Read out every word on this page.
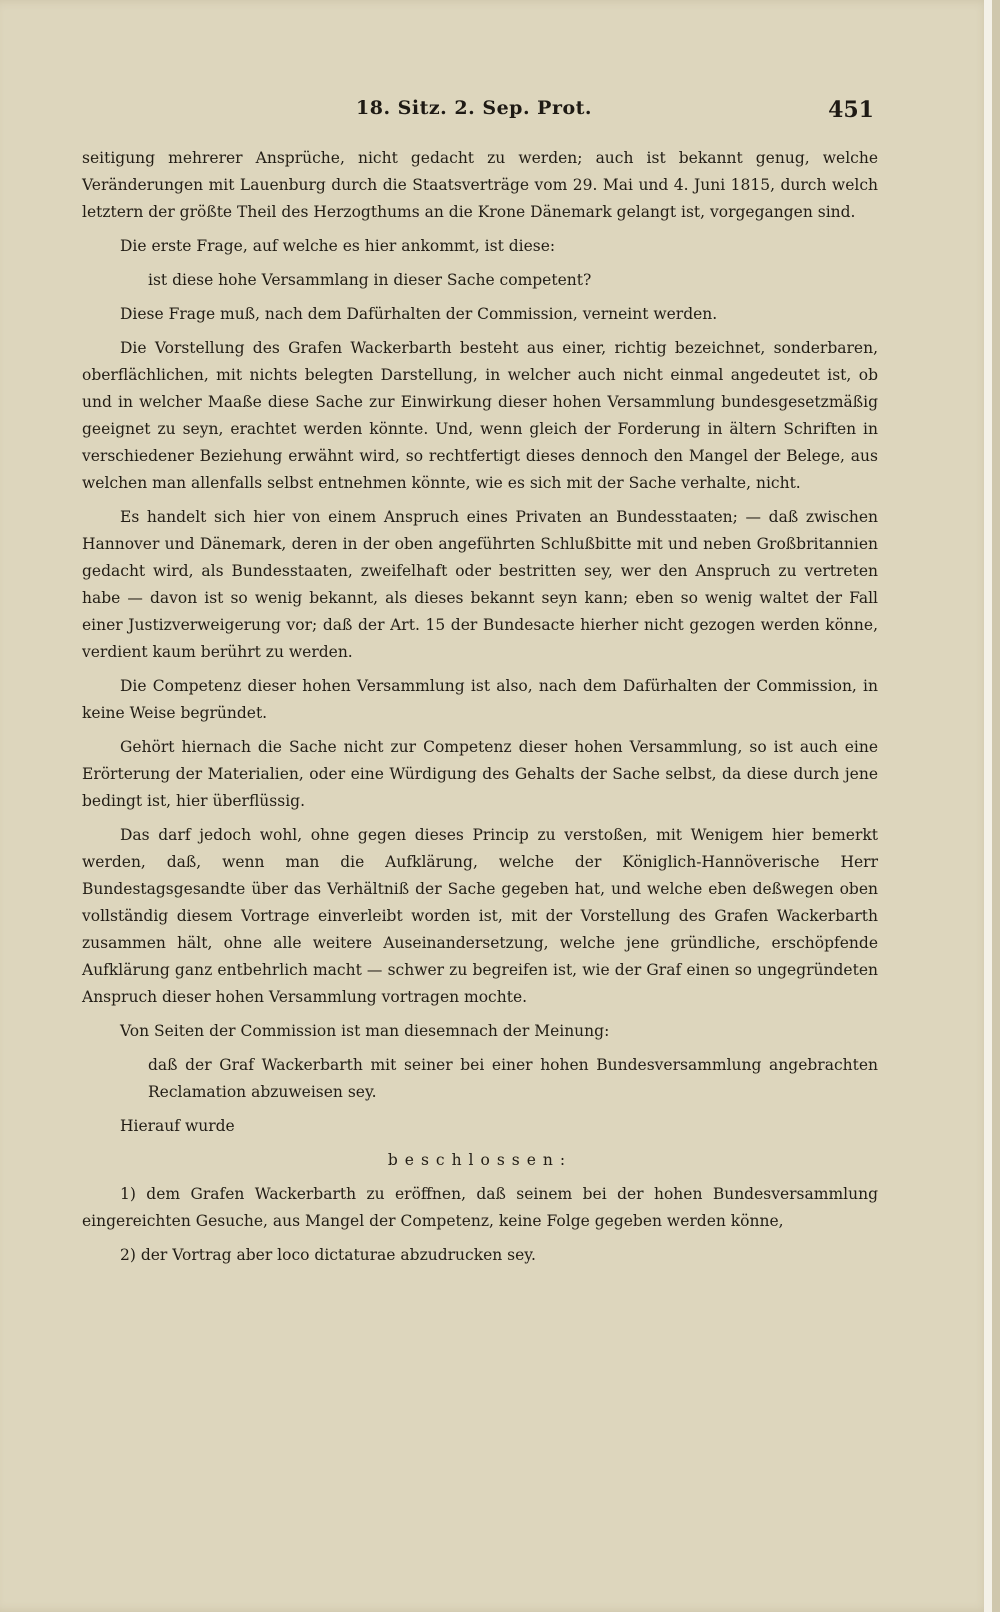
18. Sitz. 2. Sep. Prot.	451

seitigung mehrerer Ansprüche, nicht gedacht zu werden; auch ist bekannt genug, welche Veränderungen mit Lauenburg durch die Staatsverträge vom 29. Mai und 4. Juni 1815, durch welch letztern der größte Theil des Herzogthums an die Krone Dänemark gelangt ist, vorgegangen sind.

Die erste Frage, auf welche es hier ankommt, ist diese:

ist diese hohe Versammlang in dieser Sache competent?

Diese Frage muß, nach dem Dafürhalten der Commission, verneint werden.

Die Vorstellung des Grafen Wackerbarth besteht aus einer, richtig bezeichnet, sonderbaren, oberflächlichen, mit nichts belegten Darstellung, in welcher auch nicht einmal angedeutet ist, ob und in welcher Maaße diese Sache zur Einwirkung dieser hohen Versammlung bundesgesetzmäßig geeignet zu seyn, erachtet werden könnte. Und, wenn gleich der Forderung in ältern Schriften in verschiedener Beziehung erwähnt wird, so rechtfertigt dieses dennoch den Mangel der Belege, aus welchen man allenfalls selbst entnehmen könnte, wie es sich mit der Sache verhalte, nicht.

Es handelt sich hier von einem Anspruch eines Privaten an Bundesstaaten; — daß zwischen Hannover und Dänemark, deren in der oben angeführten Schlußbitte mit und neben Großbritannien gedacht wird, als Bundesstaaten, zweifelhaft oder bestritten sey, wer den Anspruch zu vertreten habe — davon ist so wenig bekannt, als dieses bekannt seyn kann; eben so wenig waltet der Fall einer Justizverweigerung vor; daß der Art. 15 der Bundesacte hierher nicht gezogen werden könne, verdient kaum berührt zu werden.

Die Competenz dieser hohen Versammlung ist also, nach dem Dafürhalten der Commission, in keine Weise begründet.

Gehört hiernach die Sache nicht zur Competenz dieser hohen Versammlung, so ist auch eine Erörterung der Materialien, oder eine Würdigung des Gehalts der Sache selbst, da diese durch jene bedingt ist, hier überflüssig.

Das darf jedoch wohl, ohne gegen dieses Princip zu verstoßen, mit Wenigem hier bemerkt werden, daß, wenn man die Aufklärung, welche der Königlich-Hannöverische Herr Bundestagsgesandte über das Verhältniß der Sache gegeben hat, und welche eben deßwegen oben vollständig diesem Vortrage einverleibt worden ist, mit der Vorstellung des Grafen Wackerbarth zusammen hält, ohne alle weitere Auseinandersetzung, welche jene gründliche, erschöpfende Aufklärung ganz entbehrlich macht — schwer zu begreifen ist, wie der Graf einen so ungegründeten Anspruch dieser hohen Versammlung vortragen mochte.

Von Seiten der Commission ist man diesemnach der Meinung:

daß der Graf Wackerbarth mit seiner bei einer hohen Bundesversammlung angebrachten Reclamation abzuweisen sey.

Hierauf wurde

beschlossen:

1) dem Grafen Wackerbarth zu eröffnen, daß seinem bei der hohen Bundesversammlung eingereichten Gesuche, aus Mangel der Competenz, keine Folge gegeben werden könne,

2) der Vortrag aber loco dictaturae abzudrucken sey.
